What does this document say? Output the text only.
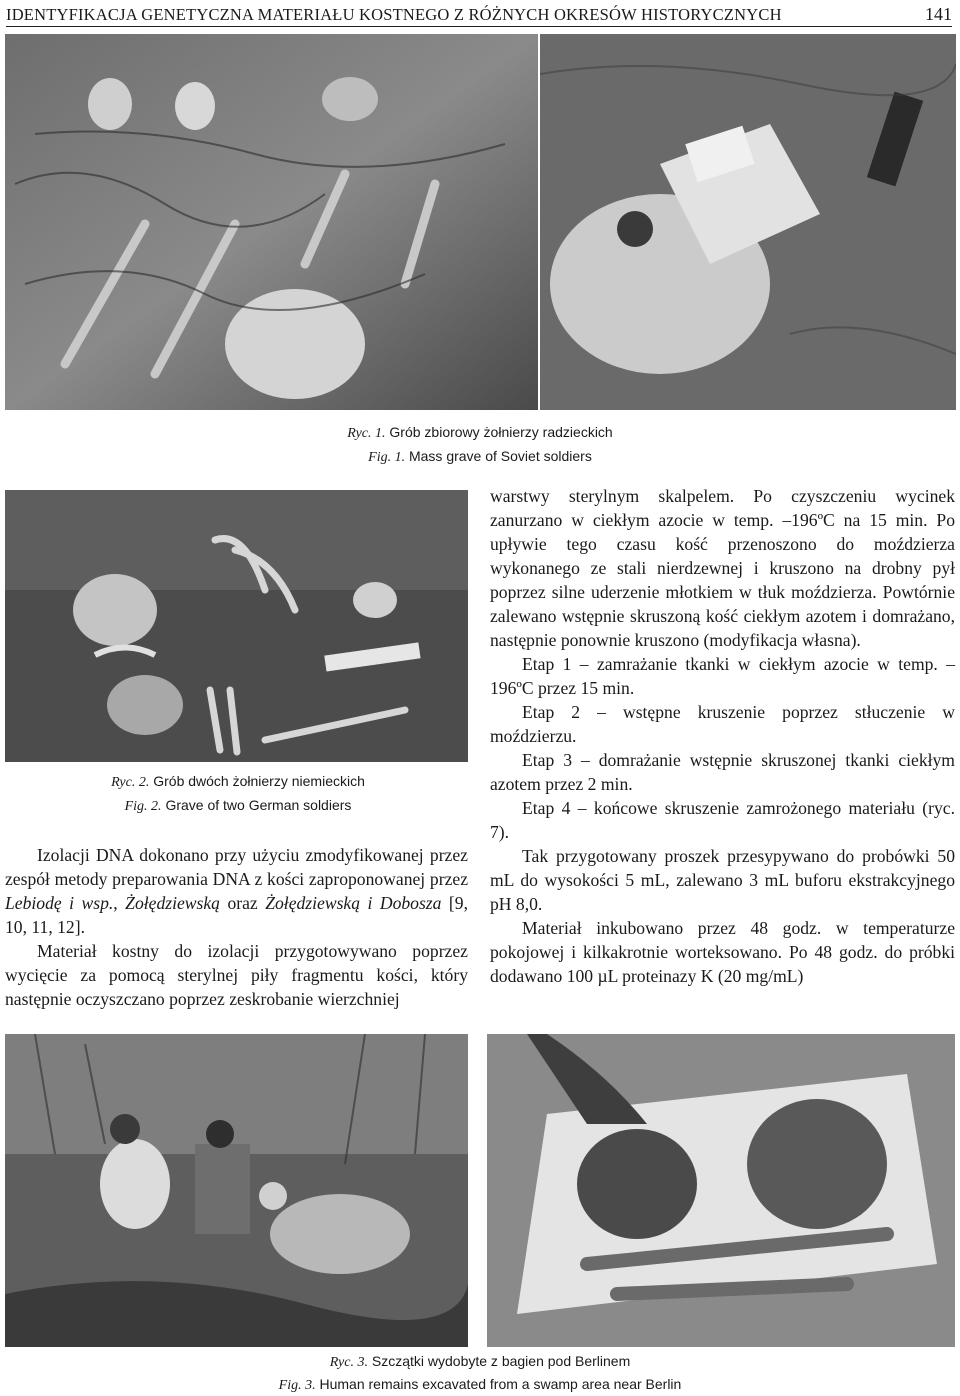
IDENTYFIKACJA GENETYCZNA MATERIAŁU KOSTNEGO Z RÓŻNYCH OKRESÓW HISTORYCZNYCH	141
Ryc. 1. Grób zbiorowy żołnierzy radzieckich
Fig. 1. Mass grave of Soviet soldiers
Ryc. 2. Grób dwóch żołnierzy niemieckich
Fig. 2. Grave of two German soldiers

Izolacji DNA dokonano przy użyciu zmodyfikowanej przez zespół metody preparowania DNA z kości zaproponowanej przez Lebiodę i wsp., Żołędziewską oraz Żołędziewską i Dobosza [9, 10, 11, 12].

Materiał kostny do izolacji przygotowywano poprzez wycięcie za pomocą sterylnej piły fragmentu kości, który następnie oczyszczano poprzez zeskrobanie wierzchniej

warstwy sterylnym skalpelem. Po czyszczeniu wycinek zanurzano w ciekłym azocie w temp. –196ºC na 15 min. Po upływie tego czasu kość przenoszono do moździerza wykonanego ze stali nierdzewnej i kruszono na drobny pył poprzez silne uderzenie młotkiem w tłuk moździerza. Powtórnie zalewano wstępnie skruszoną kość ciekłym azotem i domrażano, następnie ponownie kruszono (modyfikacja własna).

Etap 1 – zamrażanie tkanki w ciekłym azocie w temp. –196ºC przez 15 min.

Etap 2 – wstępne kruszenie poprzez stłuczenie w moździerzu.

Etap 3 – domrażanie wstępnie skruszonej tkanki ciekłym azotem przez 2 min.

Etap 4 – końcowe skruszenie zamrożonego materiału (ryc. 7).

Tak przygotowany proszek przesypywano do probówki 50 mL do wysokości 5 mL, zalewano 3 mL buforu ekstrakcyjnego pH 8,0.

Materiał inkubowano przez 48 godz. w temperaturze pokojowej i kilkakrotnie worteksowano. Po 48 godz. do próbki dodawano 100 µL proteinazy K (20 mg/mL)

Ryc. 3. Szczątki wydobyte z bagien pod Berlinem
Fig. 3. Human remains excavated from a swamp area near Berlin
